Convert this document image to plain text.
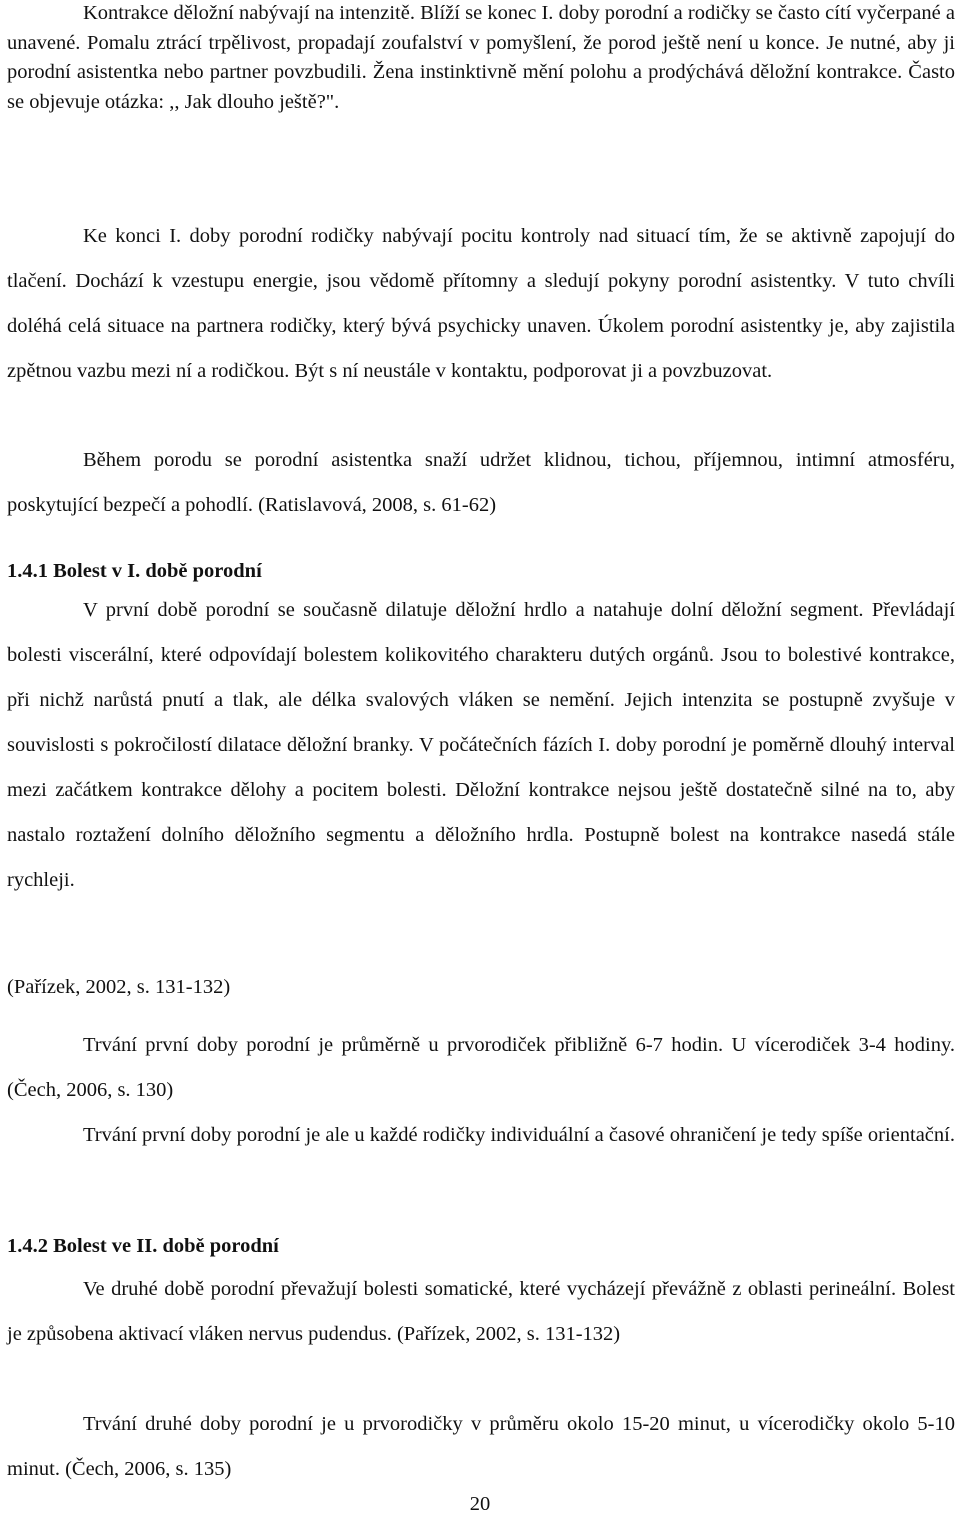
Kontrakce děložní nabývají na intenzitě. Blíží se konec I. doby porodní a rodičky se často cítí vyčerpané a unavené. Pomalu ztrácí trpělivost, propadají zoufalství v pomyšlení, že porod ještě není u konce. Je nutné, aby ji porodní asistentka nebo partner povzbudili. Žena instinktivně mění polohu a prodýchává děložní kontrakce. Často se objevuje otázka: ,, Jak dlouho ještě?".

Ke konci I. doby porodní rodičky nabývají pocitu kontroly nad situací tím, že se aktivně zapojují do tlačení. Dochází k vzestupu energie, jsou vědomě přítomny a sledují pokyny porodní asistentky. V tuto chvíli doléhá celá situace na partnera rodičky, který bývá psychicky unaven. Úkolem porodní asistentky je, aby zajistila zpětnou vazbu mezi ní a rodičkou. Být s ní neustále v kontaktu, podporovat ji a povzbuzovat.

Během porodu se porodní asistentka snaží udržet klidnou, tichou, příjemnou, intimní atmosféru, poskytující bezpečí a pohodlí. (Ratislavová, 2008, s. 61-62)

1.4.1 Bolest v I. době porodní

V první době porodní se současně dilatuje děložní hrdlo a natahuje dolní děložní segment. Převládají bolesti viscerální, které odpovídají bolestem kolikovitého charakteru dutých orgánů. Jsou to bolestivé kontrakce, při nichž narůstá pnutí a tlak, ale délka svalových vláken se nemění. Jejich intenzita se postupně zvyšuje v souvislosti s pokročilostí dilatace děložní branky. V počátečních fázích I. doby porodní je poměrně dlouhý interval mezi začátkem kontrakce dělohy a pocitem bolesti. Děložní kontrakce nejsou ještě dostatečně silné na to, aby nastalo roztažení dolního děložního segmentu a děložního hrdla. Postupně bolest na kontrakce nasedá stále rychleji.

(Pařízek, 2002, s. 131-132)

Trvání první doby porodní je průměrně u prvorodiček přibližně 6-7 hodin. U vícerodiček 3-4 hodiny. (Čech, 2006, s. 130)

Trvání první doby porodní je ale u každé rodičky individuální a časové ohraničení je tedy spíše orientační.

1.4.2 Bolest ve II. době porodní

Ve druhé době porodní převažují bolesti somatické, které vycházejí převážně z oblasti perineální. Bolest je způsobena aktivací vláken nervus pudendus. (Pařízek, 2002, s. 131-132)

Trvání druhé doby porodní je u prvorodičky v průměru okolo 15-20 minut, u vícerodičky okolo 5-10 minut. (Čech, 2006, s. 135)

20
